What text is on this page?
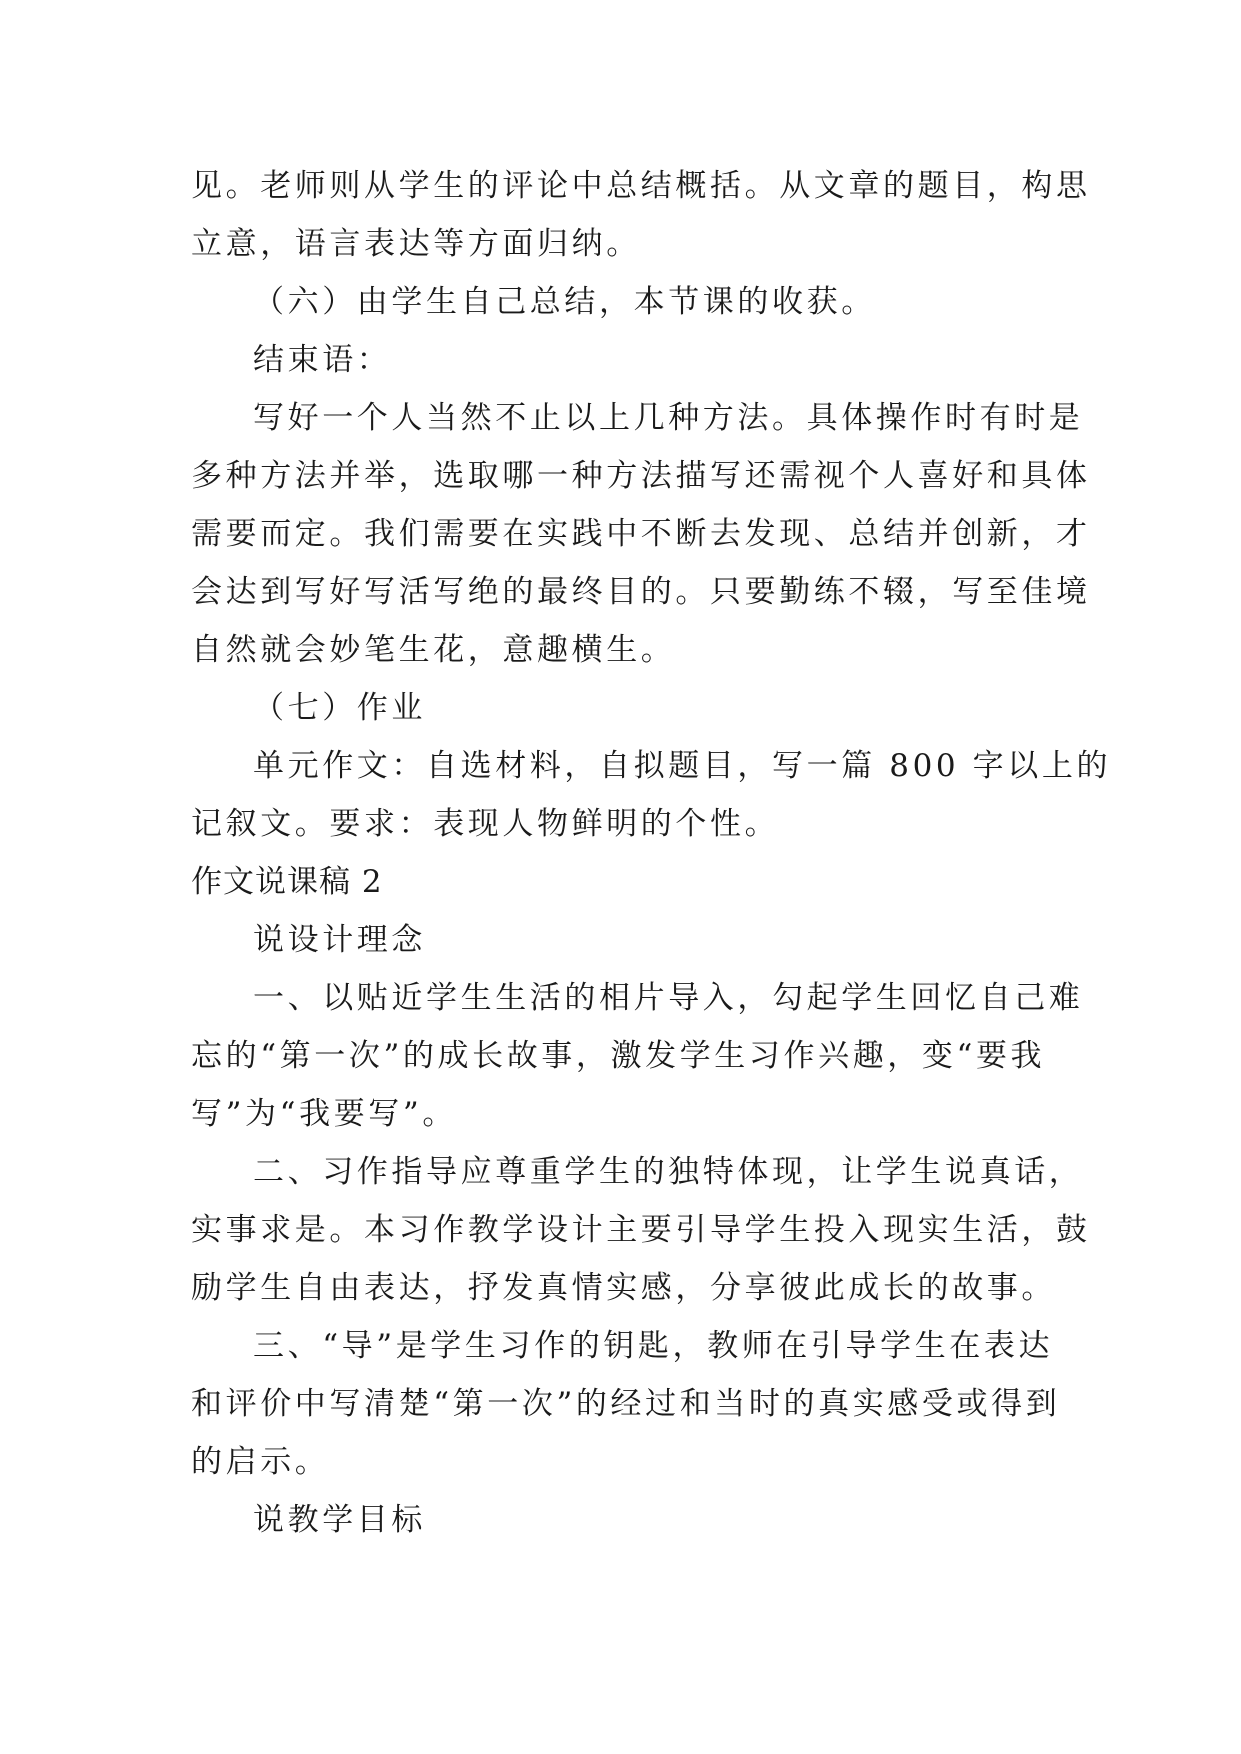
见。老师则从学生的评论中总结概括。从文章的题目，构思
立意，语言表达等方面归纳。
（六）由学生自己总结，本节课的收获。
结束语：
写好一个人当然不止以上几种方法。具体操作时有时是
多种方法并举，选取哪一种方法描写还需视个人喜好和具体
需要而定。我们需要在实践中不断去发现、总结并创新，才
会达到写好写活写绝的最终目的。只要勤练不辍，写至佳境
自然就会妙笔生花，意趣横生。
（七）作业
单元作文：自选材料，自拟题目，写一篇 800 字以上的
记叙文。要求：表现人物鲜明的个性。
作文说课稿 2
说设计理念
一、以贴近学生生活的相片导入，勾起学生回忆自己难
忘的“第一次”的成长故事，激发学生习作兴趣，变“要我
写”为“我要写”。
二、习作指导应尊重学生的独特体现，让学生说真话，
实事求是。本习作教学设计主要引导学生投入现实生活，鼓
励学生自由表达，抒发真情实感，分享彼此成长的故事。
三、“导”是学生习作的钥匙，教师在引导学生在表达
和评价中写清楚“第一次”的经过和当时的真实感受或得到
的启示。
说教学目标
